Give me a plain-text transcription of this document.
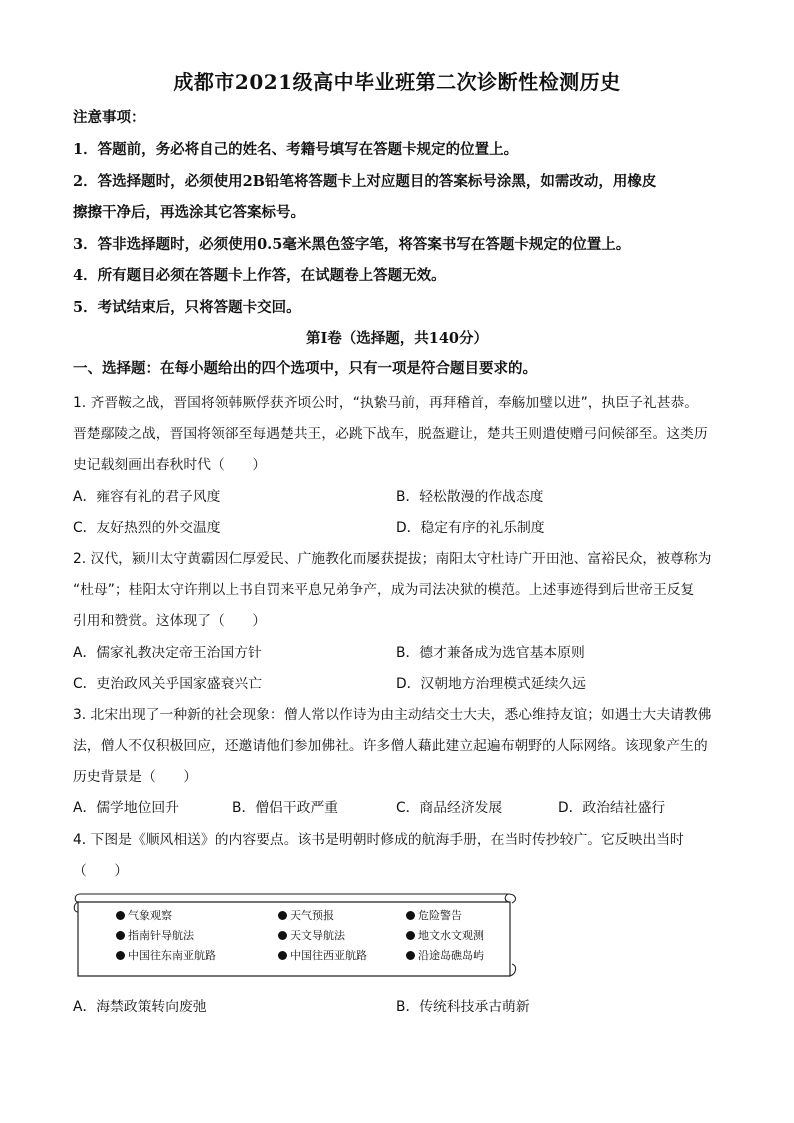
成都市2021级高中毕业班第二次诊断性检测历史
注意事项：
1．答题前，务必将自己的姓名、考籍号填写在答题卡规定的位置上。
2．答选择题时，必须使用2B铅笔将答题卡上对应题目的答案标号涂黑，如需改动，用橡皮
擦擦干净后，再选涂其它答案标号。
3．答非选择题时，必须使用0.5毫米黑色签字笔，将答案书写在答题卡规定的位置上。
4．所有题目必须在答题卡上作答，在试题卷上答题无效。
5．考试结束后，只将答题卡交回。
第Ⅰ卷（选择题，共140分）
一、选择题：在每小题给出的四个选项中，只有一项是符合题目要求的。
1. 齐晋鞍之战，晋国将领韩厥俘获齐顷公时，“执絷马前，再拜稽首，奉觞加璧以进”，执臣子礼甚恭。
晋楚鄢陵之战，晋国将领郤至每遇楚共王，必跳下战车，脱盔避让，楚共王则遣使赠弓问候郤至。这类历
史记载刻画出春秋时代（　　）
A．雍容有礼的君子风度	B．轻松散漫的作战态度
C．友好热烈的外交温度	D．稳定有序的礼乐制度
2. 汉代，颍川太守黄霸因仁厚爱民、广施教化而屡获提拔；南阳太守杜诗广开田池、富裕民众，被尊称为
“杜母”；桂阳太守许荆以上书自罚来平息兄弟争产，成为司法决狱的模范。上述事迹得到后世帝王反复
引用和赞赏。这体现了（　　）
A．儒家礼教决定帝王治国方针	B．德才兼备成为选官基本原则
C．吏治政风关乎国家盛衰兴亡	D．汉朝地方治理模式延续久远
3. 北宋出现了一种新的社会现象：僧人常以作诗为由主动结交士大夫，悉心维持友谊；如遇士大夫请教佛
法，僧人不仅积极回应，还邀请他们参加佛社。许多僧人藉此建立起遍布朝野的人际网络。该现象产生的
历史背景是（　　）
A．儒学地位回升	B．僧侣干政严重	C．商品经济发展	D．政治结社盛行
4. 下图是《顺风相送》的内容要点。该书是明朝时修成的航海手册，在当时传抄较广。它反映出当时
（　　）
气象观察	天气预报	危险警告
指南针导航法	天文导航法	地文水文观测
中国往东南亚航路	中国往西亚航路	沿途岛礁岛屿
A．海禁政策转向废弛	B．传统科技承古萌新
